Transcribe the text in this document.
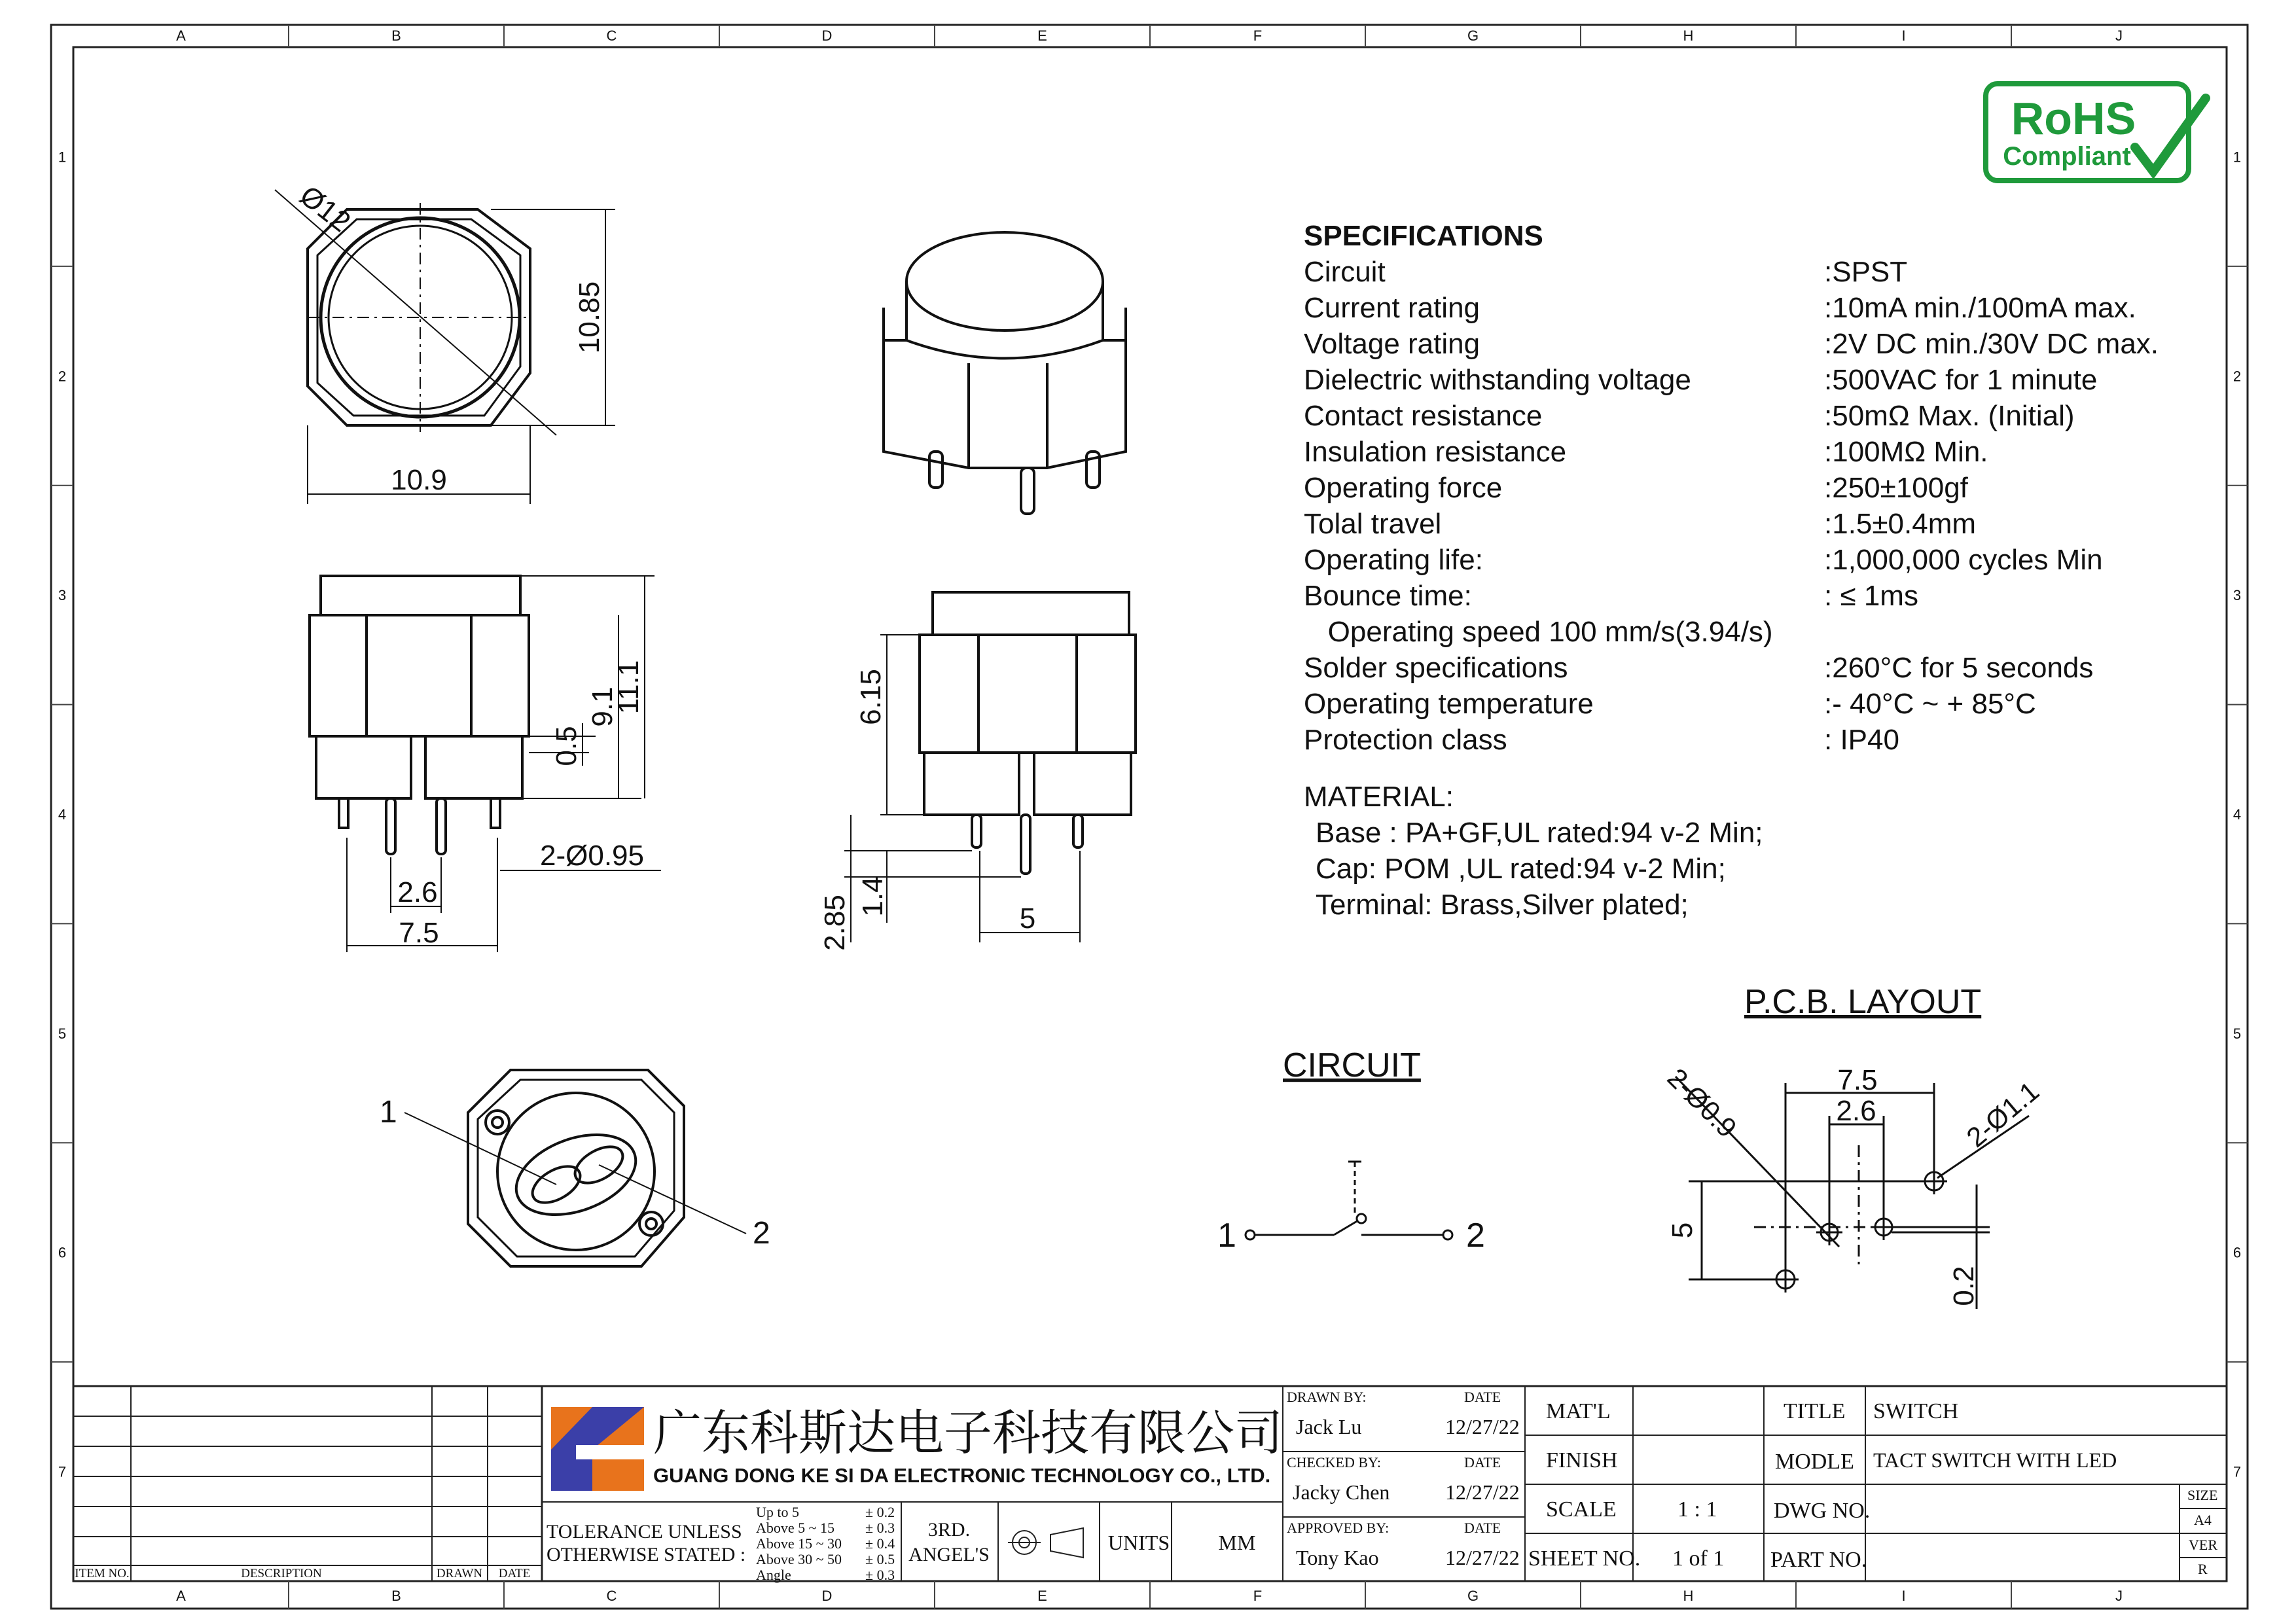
A
A
B
B
C
C
D
D
E
E
F
F
G
G
H
H
I
I
J
J
1	1
2	2
3	3
4	4
5	5
6	6
7	7
RoHS
Compliant
Ø12
10.9
10.85
0.5
9.1
11.1
2-Ø0.95
2.6
7.5
6.15
2.85 1.4
5
1
2
CIRCUIT
1	2
P.C.B. LAYOUT
7.5
2.6
2-Ø0.9	2-Ø1.1
5
0.2
广东科斯达电子科技有限公司
GUANG DONG KE SI DA ELECTRONIC TECHNOLOGY CO., LTD.
ITEM NO.	DESCRIPTION	DRAWN DATE
TOLERANCE UNLESS
OTHERWISE STATED :
Up to 5	± 0.2
Above 5 ~ 15 ± 0.3
Above 15 ~ 30 ± 0.4
Above 30 ~ 50 ± 0.5
Angle	± 0.3
3RD.
ANGEL'S
UNITS MM
SPECIFICATIONS
Circuit	:SPST
Current rating	:10mA min./100mA max.
Voltage rating	:2V DC min./30V DC max.
Dielectric withstanding voltage	:500VAC for 1 minute
Contact resistance	:50mΩ Max. (Initial)
Insulation resistance	:100MΩ Min.
Operating force	:250±100gf
Tolal travel	:1.5±0.4mm
Operating life:	:1,000,000 cycles Min
Bounce time:	: ≤ 1ms
Operating speed 100 mm/s(3.94/s)
Solder specifications	:260°C for 5 seconds
Operating temperature	:- 40°C ~ + 85°C
Protection class	: IP40
MATERIAL:
Base : PA+GF,UL rated:94 v-2 Min;
Cap: POM ,UL rated:94 v-2 Min;
Terminal: Brass,Silver plated;
DRAWN BY:	DATE
Jack Lu	12/27/22
CHECKED BY:	DATE
Jacky Chen	12/27/22
APPROVED BY:	DATE
Tony Kao	12/27/22
MAT'L
FINISH
SCALE	1 : 1
SHEET NO. 1 of 1
TITLE SWITCH
MODLE TACT SWITCH WITH LED
DWG NO.
PART NO.
SIZE
A4
VER
R
